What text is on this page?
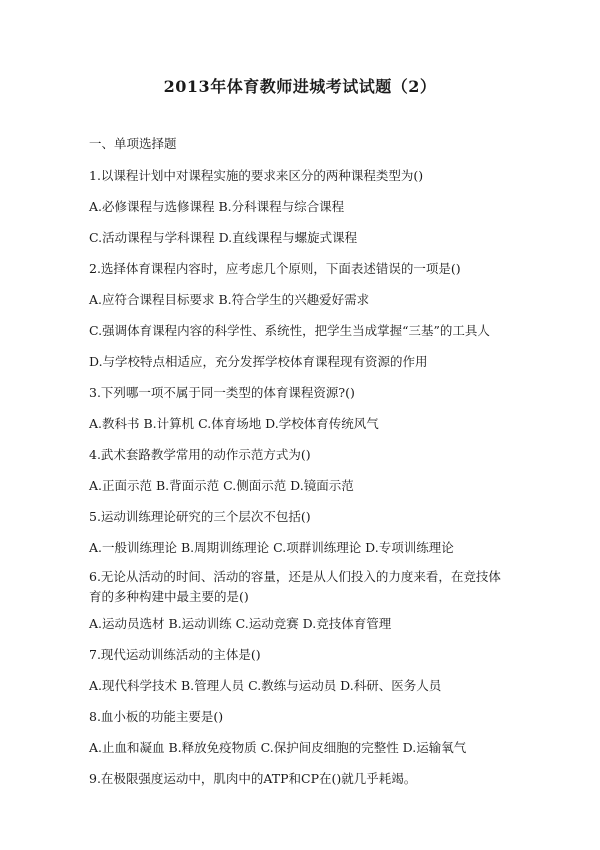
2013年体育教师进城考试试题（2）
一、单项选择题
1.以课程计划中对课程实施的要求来区分的两种课程类型为()
A.必修课程与选修课程 B.分科课程与综合课程
C.活动课程与学科课程 D.直线课程与螺旋式课程
2.选择体育课程内容时，应考虑几个原则，下面表述错误的一项是()
A.应符合课程目标要求 B.符合学生的兴趣爱好需求
C.强调体育课程内容的科学性、系统性，把学生当成掌握“三基”的工具人
D.与学校特点相适应，充分发挥学校体育课程现有资源的作用
3.下列哪一项不属于同一类型的体育课程资源?()
A.教科书 B.计算机 C.体育场地 D.学校体育传统风气
4.武术套路教学常用的动作示范方式为()
A.正面示范 B.背面示范 C.侧面示范 D.镜面示范
5.运动训练理论研究的三个层次不包括()
A.一般训练理论 B.周期训练理论 C.项群训练理论 D.专项训练理论
6.无论从活动的时间、活动的容量，还是从人们投入的力度来看，在竞技体育的多种构建中最主要的是()
A.运动员选材 B.运动训练 C.运动竞赛 D.竞技体育管理
7.现代运动训练活动的主体是()
A.现代科学技术 B.管理人员 C.教练与运动员 D.科研、医务人员
8.血小板的功能主要是()
A.止血和凝血 B.释放免疫物质 C.保护间皮细胞的完整性 D.运输氧气
9.在极限强度运动中，肌肉中的ATP和CP在()就几乎耗竭。
